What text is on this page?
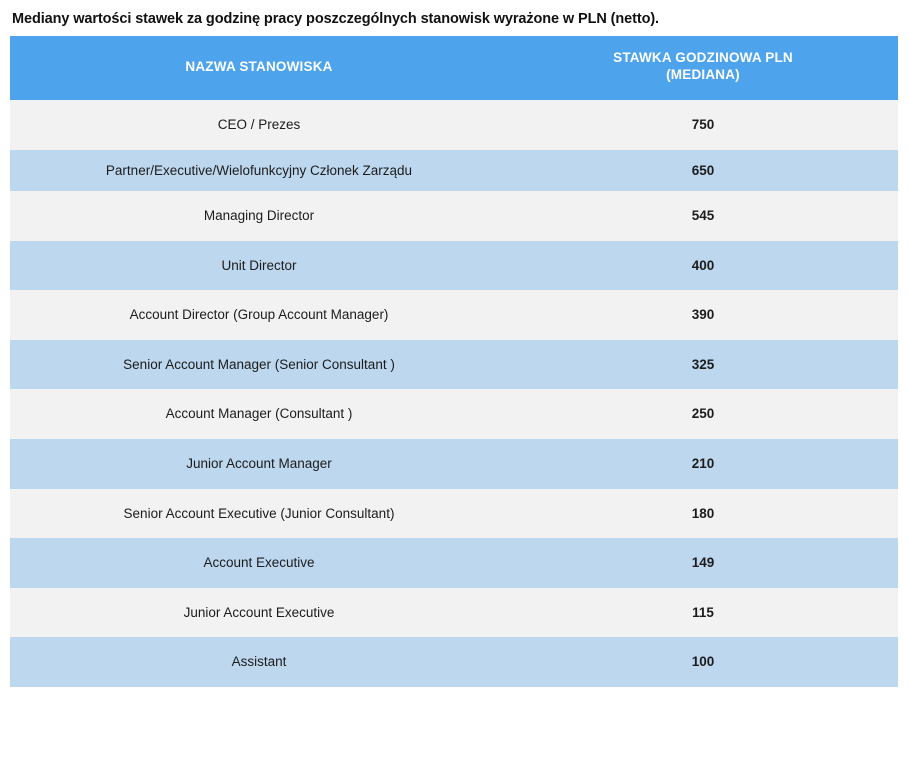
Mediany wartości stawek za godzinę pracy poszczególnych stanowisk wyrażone w PLN (netto).
NAZWA STANOWISKA	STAWKA GODZINOWA PLN
(MEDIANA)
CEO / Prezes	750
Partner/Executive/Wielofunkcyjny Członek Zarządu	650
Managing Director	545
Unit Director	400
Account Director (Group Account Manager)	390
Senior Account Manager (Senior Consultant )	325
Account Manager (Consultant )	250
Junior Account Manager	210
Senior Account Executive (Junior Consultant)	180
Account Executive	149
Junior Account Executive	115
Assistant	100
